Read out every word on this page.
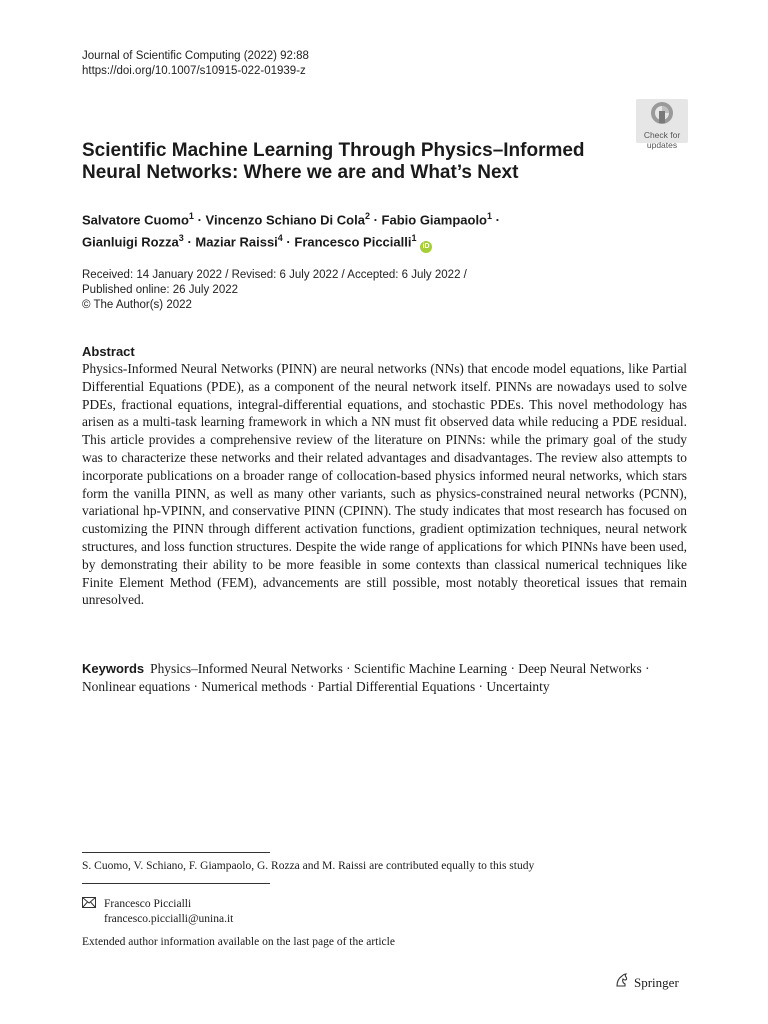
Journal of Scientific Computing (2022) 92:88
https://doi.org/10.1007/s10915-022-01939-z
Check for
updates
Scientific Machine Learning Through Physics–Informed
Neural Networks: Where we are and What’s Next
Salvatore Cuomo$^1$ · Vincenzo Schiano Di Cola$^2$ · Fabio Giampaolo$^1$ ·
Gianluigi Rozza$^3$ · Maziar Raissi$^4$ · Francesco Piccialli$^1$ iD
Received: 14 January 2022 / Revised: 6 July 2022 / Accepted: 6 July 2022 /
Published online: 26 July 2022
© The Author(s) 2022
Abstract

Physics-Informed Neural Networks (PINN) are neural networks (NNs) that encode model equations, like Partial Differential Equations (PDE), as a component of the neural network itself. PINNs are nowadays used to solve PDEs, fractional equations, integral-differential equations, and stochastic PDEs. This novel methodology has arisen as a multi-task learning framework in which a NN must fit observed data while reducing a PDE residual. This article provides a comprehensive review of the literature on PINNs: while the primary goal of the study was to characterize these networks and their related advantages and disadvantages. The review also attempts to incorporate publications on a broader range of collocation-based physics informed neural networks, which stars form the vanilla PINN, as well as many other variants, such as physics-constrained neural networks (PCNN), variational hp-VPINN, and conservative PINN (CPINN). The study indicates that most research has focused on customizing the PINN through different activation functions, gradient optimization techniques, neural network structures, and loss function structures. Despite the wide range of applications for which PINNs have been used, by demonstrating their ability to be more feasible in some contexts than classical numerical techniques like Finite Element Method (FEM), advancements are still possible, most notably theoretical issues that remain unresolved.

Keywords Physics–Informed Neural Networks · Scientific Machine Learning · Deep Neural Networks · Nonlinear equations · Numerical methods · Partial Differential Equations · Uncertainty

S. Cuomo, V. Schiano, F. Giampaolo, G. Rozza and M. Raissi are contributed equally to this study
Francesco Piccialli
francesco.piccialli@unina.it
Extended author information available on the last page of the article
Springer
